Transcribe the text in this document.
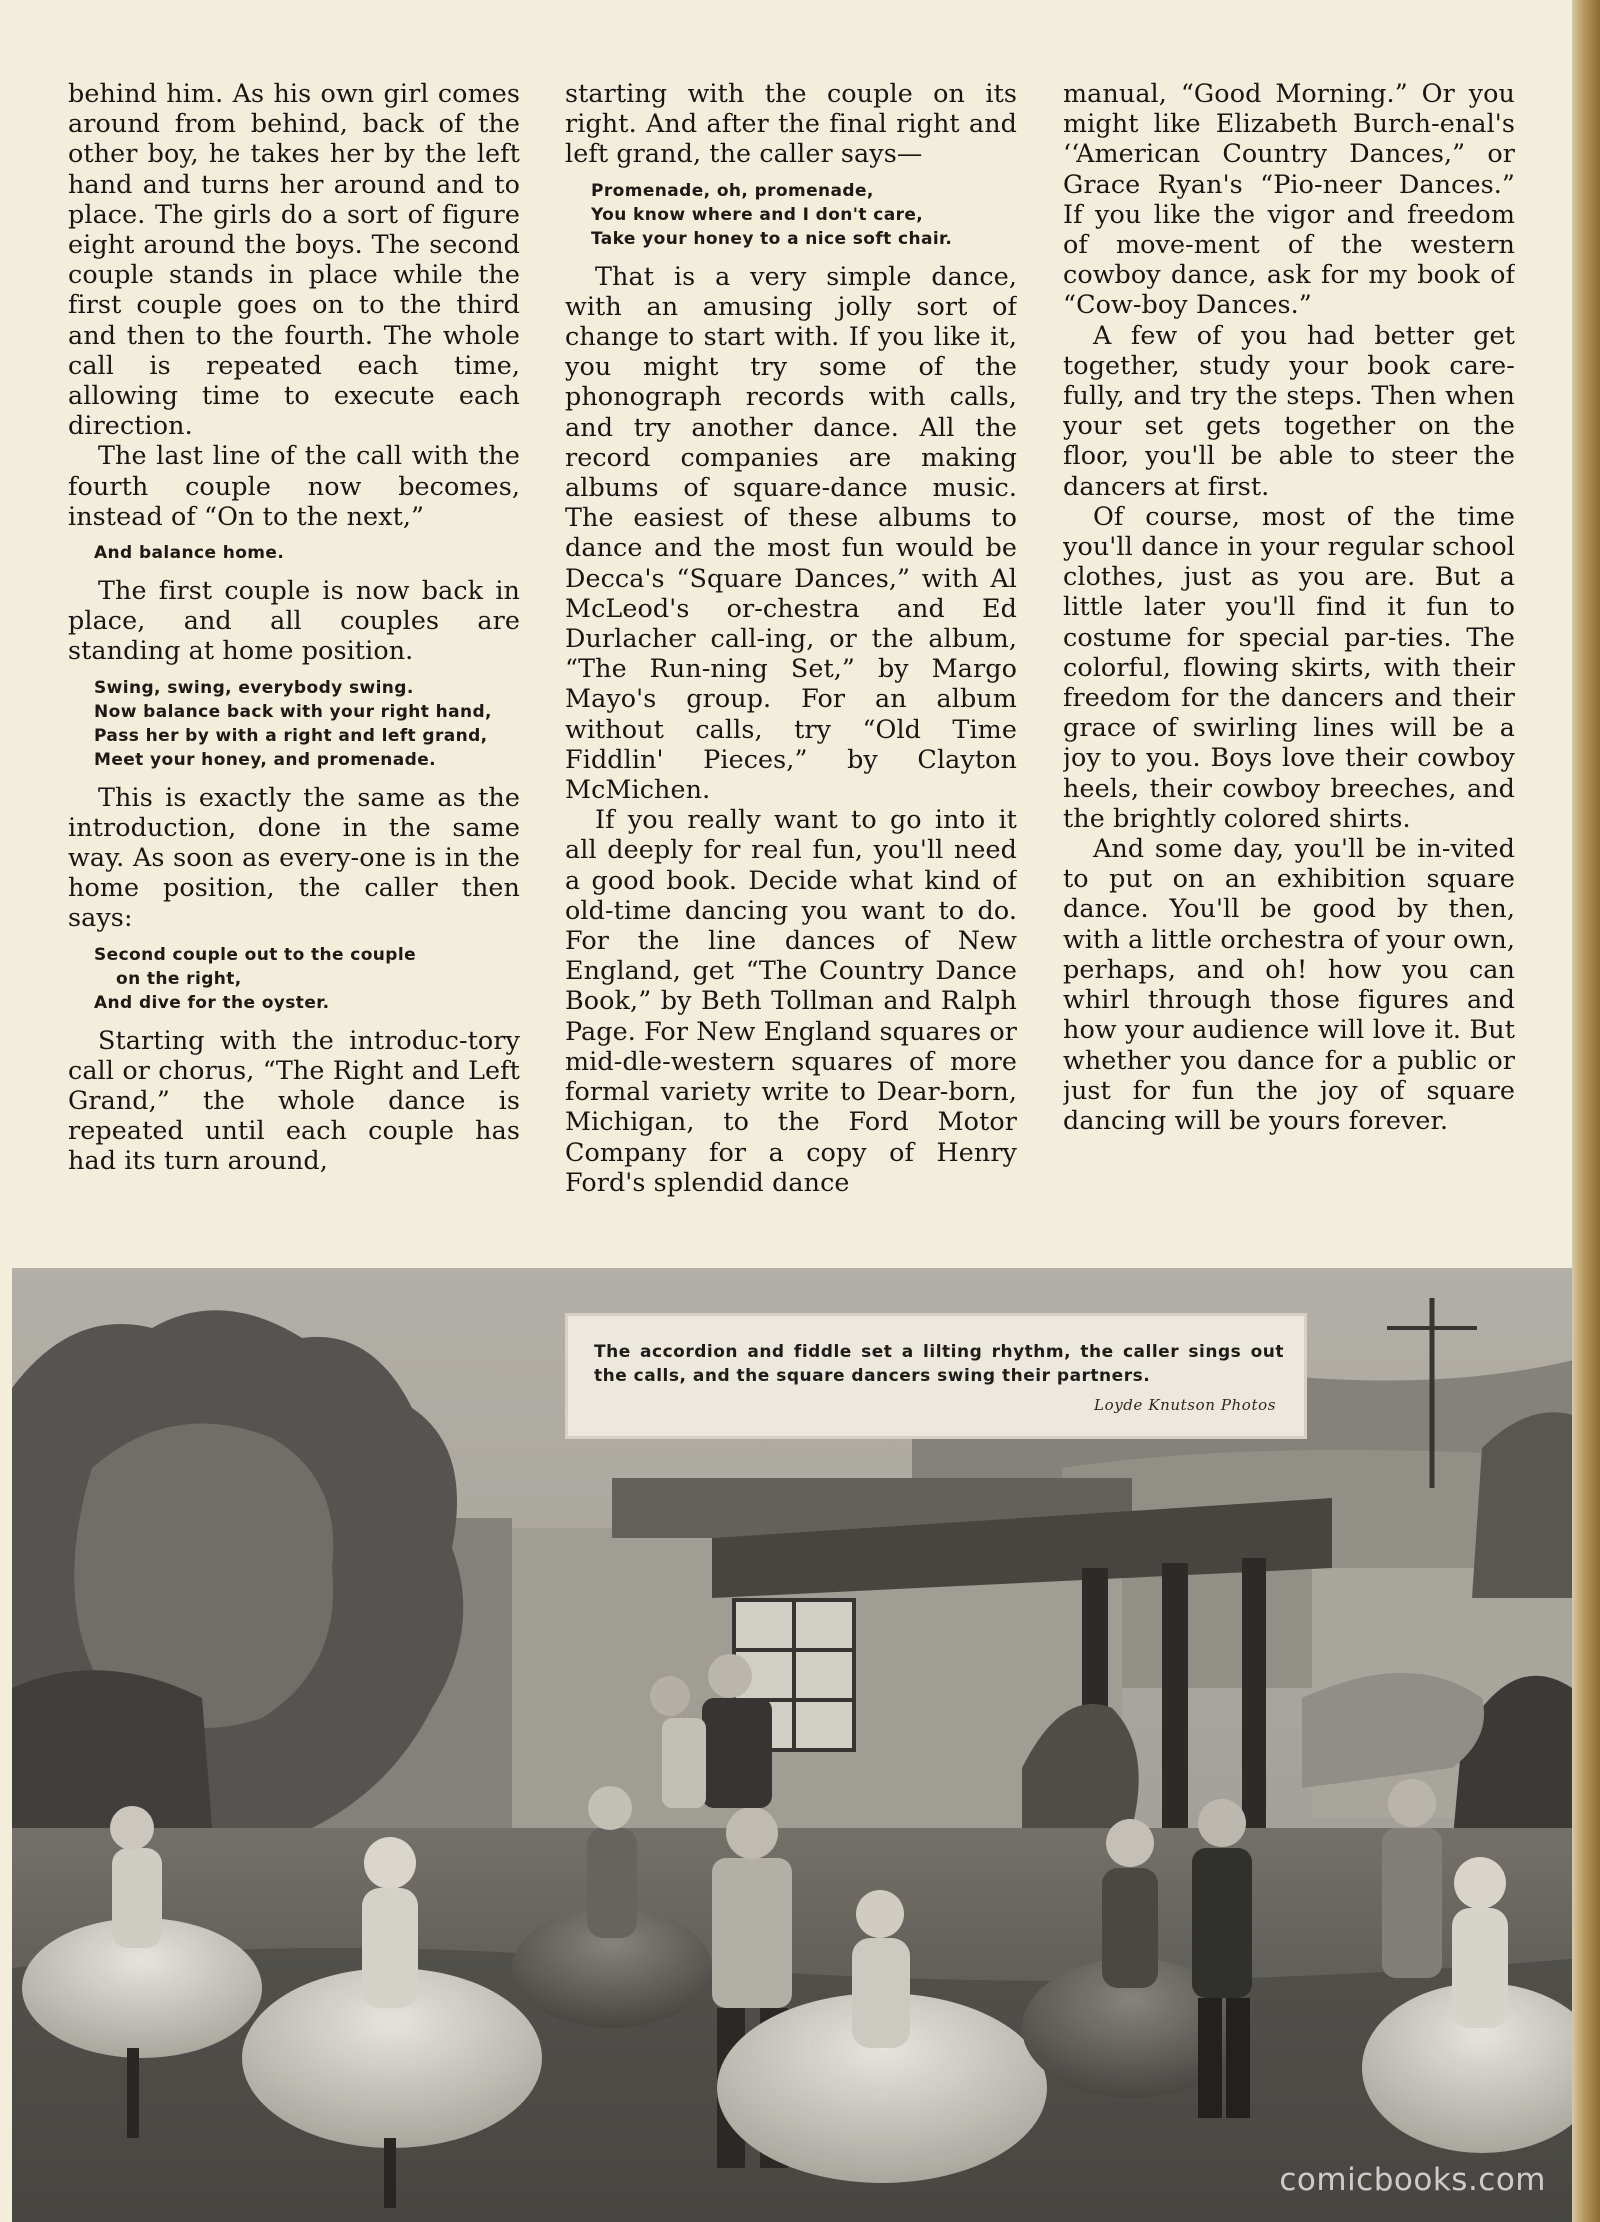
behind him. As his own girl comes around from behind, back of the other boy, he takes her by the left hand and turns her around and to place. The girls do a sort of figure eight around the boys. The second couple stands in place while the first couple goes on to the third and then to the fourth. The whole call is repeated each time, allowing time to execute each direction.

The last line of the call with the fourth couple now becomes, instead of “On to the next,”

And balance home.

The first couple is now back in place, and all couples are standing at home position.

Swing, swing, everybody swing.
Now balance back with your right hand,
Pass her by with a right and left grand,
Meet your honey, and promenade.

This is exactly the same as the introduction, done in the same way. As soon as every-one is in the home position, the caller then says:

Second couple out to the couple
on the right,
And dive for the oyster.

Starting with the introduc-tory call or chorus, “The Right and Left Grand,” the whole dance is repeated until each couple has had its turn around,

starting with the couple on its right. And after the final right and left grand, the caller says—

Promenade, oh, promenade,
You know where and I don't care,
Take your honey to a nice soft chair.

That is a very simple dance, with an amusing jolly sort of change to start with. If you like it, you might try some of the phonograph records with calls, and try another dance. All the record companies are making albums of square-dance music. The easiest of these albums to dance and the most fun would be Decca's “Square Dances,” with Al McLeod's or-chestra and Ed Durlacher call-ing, or the album, “The Run-ning Set,” by Margo Mayo's group. For an album without calls, try “Old Time Fiddlin' Pieces,” by Clayton McMichen.

If you really want to go into it all deeply for real fun, you'll need a good book. Decide what kind of old-time dancing you want to do. For the line dances of New England, get “The Country Dance Book,” by Beth Tollman and Ralph Page. For New England squares or mid-dle-western squares of more formal variety write to Dear-born, Michigan, to the Ford Motor Company for a copy of Henry Ford's splendid dance

manual, “Good Morning.” Or you might like Elizabeth Burch-enal's ‘‘American Country Dances,” or Grace Ryan's “Pio-neer Dances.” If you like the vigor and freedom of move-ment of the western cowboy dance, ask for my book of “Cow-boy Dances.”

A few of you had better get together, study your book care-fully, and try the steps. Then when your set gets together on the floor, you'll be able to steer the dancers at first.

Of course, most of the time you'll dance in your regular school clothes, just as you are. But a little later you'll find it fun to costume for special par-ties. The colorful, flowing skirts, with their freedom for the dancers and their grace of swirling lines will be a joy to you. Boys love their cowboy heels, their cowboy breeches, and the brightly colored shirts.

And some day, you'll be in-vited to put on an exhibition square dance. You'll be good by then, with a little orchestra of your own, perhaps, and oh! how you can whirl through those figures and how your audience will love it. But whether you dance for a public or just for fun the joy of square dancing will be yours forever.

comicbooks.com
The accordion and fiddle set a lilting rhythm, the caller sings out the calls, and the square dancers swing their partners.
Loyde Knutson Photos
